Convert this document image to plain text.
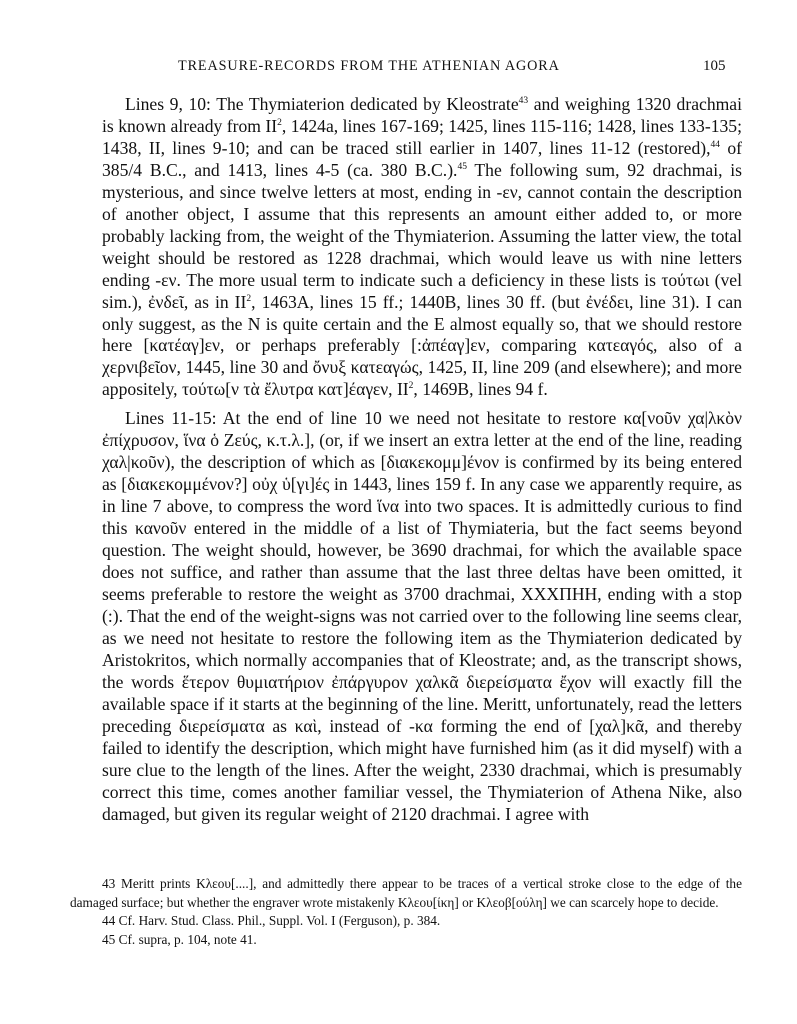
TREASURE-RECORDS FROM THE ATHENIAN AGORA	105

Lines 9, 10: The Thymiaterion dedicated by Kleostrate$^{43}$ and weighing 1320 drachmai is known already from II$^2$, 1424a, lines 167-169; 1425, lines 115-116; 1428, lines 133-135; 1438, II, lines 9-10; and can be traced still earlier in 1407, lines 11-12 (restored),$^{44}$ of 385/4 B.C., and 1413, lines 4-5 (ca. 380 B.C.).$^{45}$ The following sum, 92 drachmai, is mysterious, and since twelve letters at most, ending in -εν, cannot contain the description of another object, I assume that this represents an amount either added to, or more probably lacking from, the weight of the Thymiaterion. Assuming the latter view, the total weight should be restored as 1228 drachmai, which would leave us with nine letters ending -εν. The more usual term to indicate such a deficiency in these lists is τούτωι (vel sim.), ἐνδεῖ, as in II$^2$, 1463A, lines 15 ff.; 1440B, lines 30 ff. (but ἐνέδει, line 31). I can only suggest, as the N is quite certain and the E almost equally so, that we should restore here [κατέαγ]εν, or perhaps preferably [:ἀπέαγ]εν, comparing κατεαγός, also of a χερνιβεῖον, 1445, line 30 and ὄνυξ κατεαγώς, 1425, II, line 209 (and elsewhere); and more appositely, τούτω[ν τὰ ἔλυτρα κατ]έαγεν, II$^2$, 1469B, lines 94 f.

Lines 11-15: At the end of line 10 we need not hesitate to restore κα[νοῦν χα|λκὸν ἐπίχρυσον, ἵνα ὁ Ζεύς, κ.τ.λ.], (or, if we insert an extra letter at the end of the line, reading χαλ|κοῦν), the description of which as [διακεκομμ]ένον is confirmed by its being entered as [διακεκομμένον?] οὐχ ὑ[γι]ές in 1443, lines 159 f. In any case we apparently require, as in line 7 above, to compress the word ἵνα into two spaces. It is admittedly curious to find this κανοῦν entered in the middle of a list of Thymiateria, but the fact seems beyond question. The weight should, however, be 3690 drachmai, for which the available space does not suffice, and rather than assume that the last three deltas have been omitted, it seems preferable to restore the weight as 3700 drachmai, XXXΠHH, ending with a stop (:). That the end of the weight-signs was not carried over to the following line seems clear, as we need not hesitate to restore the following item as the Thymiaterion dedicated by Aristokritos, which normally accompanies that of Kleostrate; and, as the transcript shows, the words ἕτερον θυμιατήριον ἐπάργυρον χαλκᾶ διερείσματα ἔχον will exactly fill the available space if it starts at the beginning of the line. Meritt, unfortunately, read the letters preceding διερείσματα as καὶ, instead of -κα forming the end of [χαλ]κᾶ, and thereby failed to identify the description, which might have furnished him (as it did myself) with a sure clue to the length of the lines. After the weight, 2330 drachmai, which is presumably correct this time, comes another familiar vessel, the Thymiaterion of Athena Nike, also damaged, but given its regular weight of 2120 drachmai. I agree with

43 Meritt prints Κλεου[....], and admittedly there appear to be traces of a vertical stroke close to the edge of the damaged surface; but whether the engraver wrote mistakenly Κλεου[ίκη] or Κλεοβ[ούλη] we can scarcely hope to decide.

44 Cf. Harv. Stud. Class. Phil., Suppl. Vol. I (Ferguson), p. 384.

45 Cf. supra, p. 104, note 41.
